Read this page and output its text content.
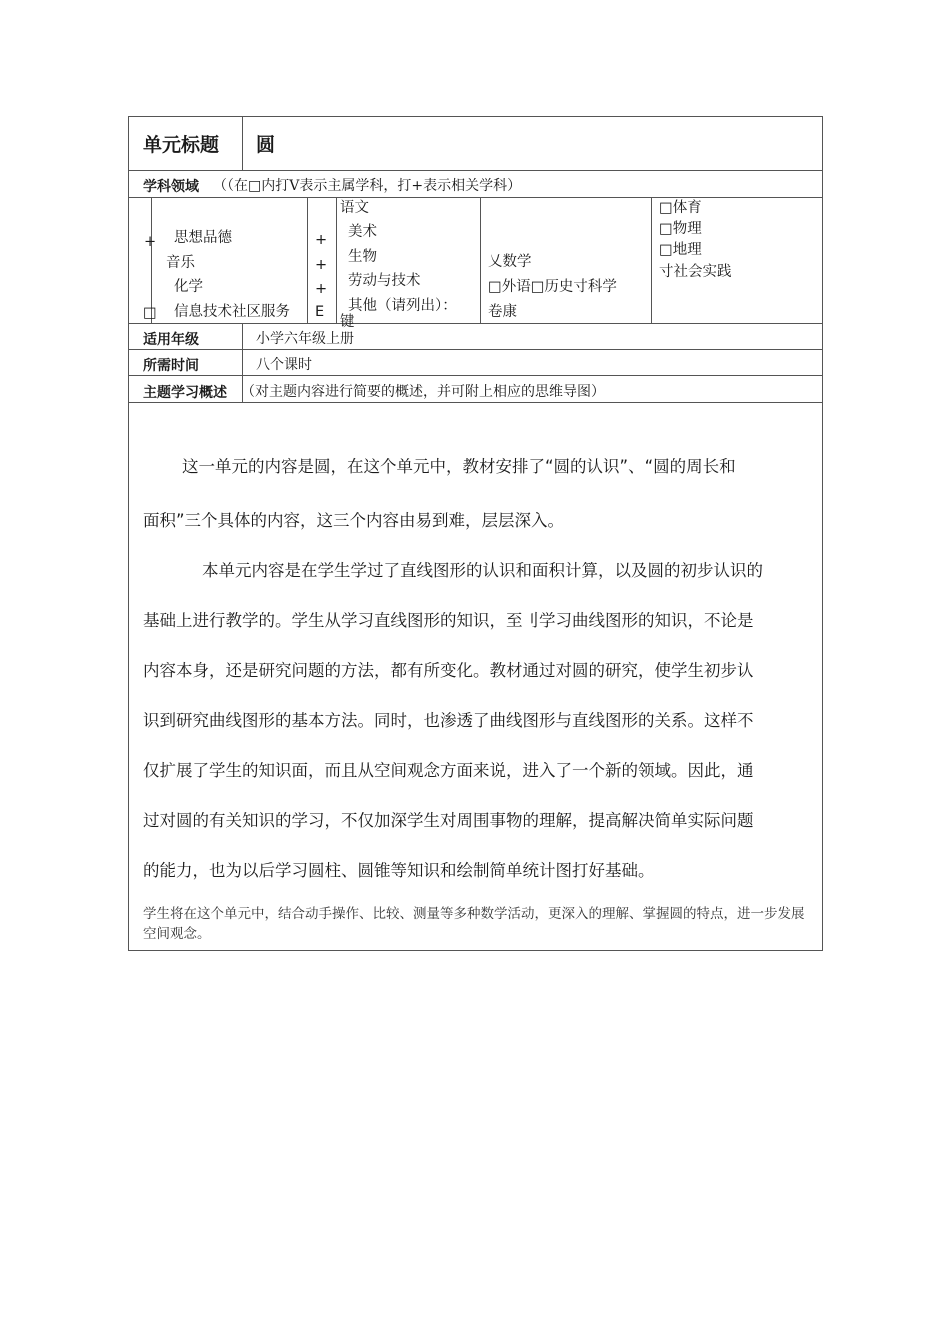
单元标题 圆
学科领域 （（在□内打Ⅴ表示主属学科，打+表示相关学科）
+
□
思想品德
音乐
化学
信息技术社区服务
+
+
+
E
语文
美术
生物
劳动与技术
其他（请列出）：
键
乂数学
□外语□历史寸科学
卷康
□体育
□物理
□地理
寸社会实践
适用年级	小学六年级上册
所需时间	八个课时
主题学习概述 （对主题内容进行简要的概述，并可附上相应的思维导图）
这一单元的内容是圆，在这个单元中，教材安排了“圆的认识”、“圆的周长和
面积”三个具体的内容，这三个内容由易到难，层层深入。
本单元内容是在学生学过了直线图形的认识和面积计算，以及圆的初步认识的
基础上进行教学的。学生从学习直线图形的知识，至刂学习曲线图形的知识，不论是
内容本身，还是研究问题的方法，都有所变化。教材通过对圆的研究，使学生初步认
识到研究曲线图形的基本方法。同时，也渗透了曲线图形与直线图形的关系。这样不
仅扩展了学生的知识面，而且从空间观念方面来说，进入了一个新的领域。因此，通
过对圆的有关知识的学习，不仅加深学生对周围事物的理解，提高解决简单实际问题
的能力，也为以后学习圆柱、圆锥等知识和绘制简单统计图打好基础。
学生将在这个单元中，结合动手操作、比较、测量等多种数学活动，更深入的理解、掌握圆的特点，进一步发展空间观念。
